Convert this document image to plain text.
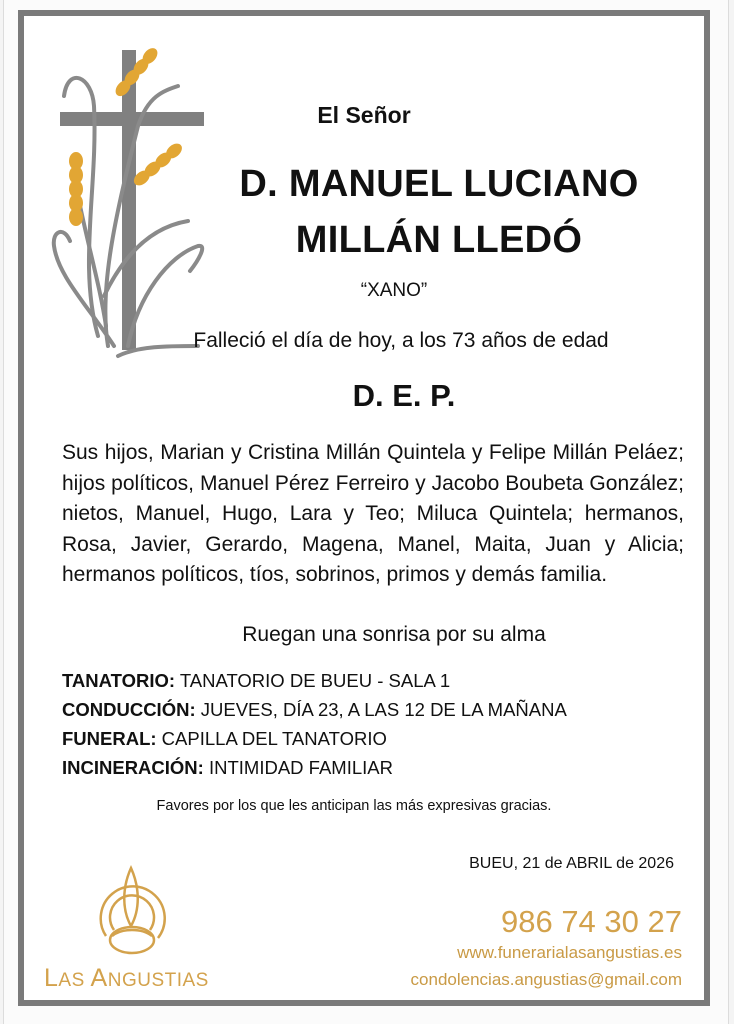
El Señor
D. MANUEL LUCIANO
MILLÁN LLEDÓ
“XANO”
Falleció el día de hoy, a los 73 años de edad
D. E. P.
Sus hijos, Marian y Cristina Millán Quintela y Felipe Millán Peláez; hijos políticos, Manuel Pérez Ferreiro y Jacobo Boubeta González; nietos, Manuel, Hugo, Lara y Teo; Miluca Quintela; hermanos, Rosa, Javier, Gerardo, Magena, Manel, Maita, Juan y Alicia; hermanos políticos, tíos, sobrinos, primos y demás familia.
Ruegan una sonrisa por su alma
TANATORIO: TANATORIO DE BUEU - SALA 1
CONDUCCIÓN: JUEVES, DÍA 23, A LAS 12 DE LA MAÑANA
FUNERAL: CAPILLA DEL TANATORIO
INCINERACIÓN: INTIMIDAD FAMILIAR
Favores por los que les anticipan las más expresivas gracias.
BUEU, 21 de ABRIL de 2026
LAS ANGUSTIAS
986 74 30 27
www.funerarialasangustias.es
condolencias.angustias@gmail.com
